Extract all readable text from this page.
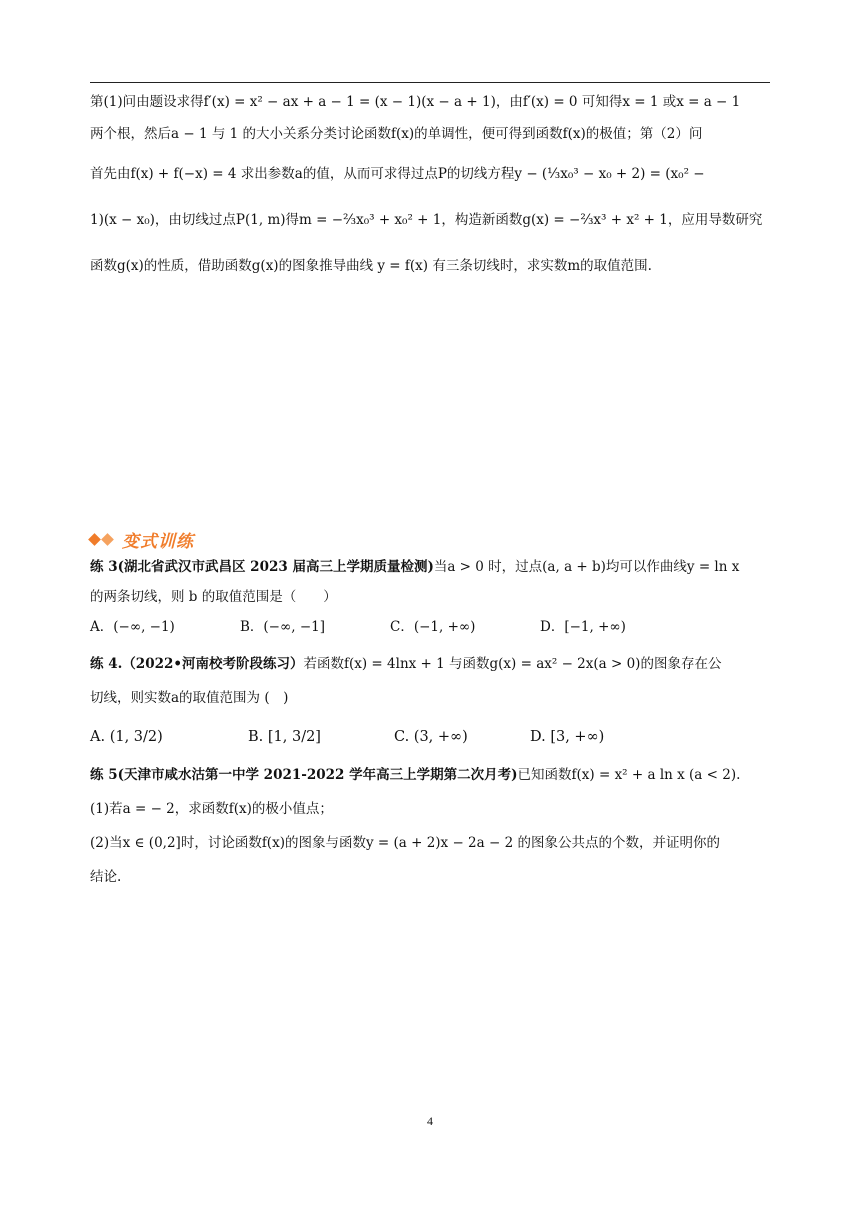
第(1)问由题设求得f′(x) = x² − ax + a − 1 = (x − 1)(x − a + 1)，由f′(x) = 0 可知得x = 1 或x = a − 1
两个根，然后a − 1 与 1 的大小关系分类讨论函数f(x)的单调性，便可得到函数f(x)的极值；第（2）问
首先由f(x) + f(−x) = 4 求出参数a的值，从而可求得过点P的切线方程y − (⅓x₀³ − x₀ + 2) = (x₀² −
1)(x − x₀)，由切线过点P(1, m)得m = −⅔x₀³ + x₀² + 1，构造新函数g(x) = −⅔x³ + x² + 1，应用导数研究
函数g(x)的性质，借助函数g(x)的图象推导曲线 y = f(x) 有三条切线时，求实数m的取值范围.
变式训练
练 3(湖北省武汉市武昌区 2023 届高三上学期质量检测)当a > 0 时，过点(a, a + b)均可以作曲线y = ln x
的两条切线，则 b 的取值范围是（　　）
A．(−∞, −1)	B．(−∞, −1]	C．(−1, +∞)	D．[−1, +∞)
练 4.（2022•河南校考阶段练习）若函数f(x) = 4lnx + 1 与函数g(x) = ax² − 2x(a > 0)的图象存在公
切线，则实数a的取值范围为 (　)
A. (1, 3/2)	B. [1, 3/2]	C. (3, +∞)	D. [3, +∞)
练 5(天津市咸水沽第一中学 2021-2022 学年高三上学期第二次月考)已知函数f(x) = x² + a ln x (a < 2).
(1)若a = − 2，求函数f(x)的极小值点；
(2)当x ∈ (0,2]时，讨论函数f(x)的图象与函数y = (a + 2)x − 2a − 2 的图象公共点的个数，并证明你的
结论.
4
